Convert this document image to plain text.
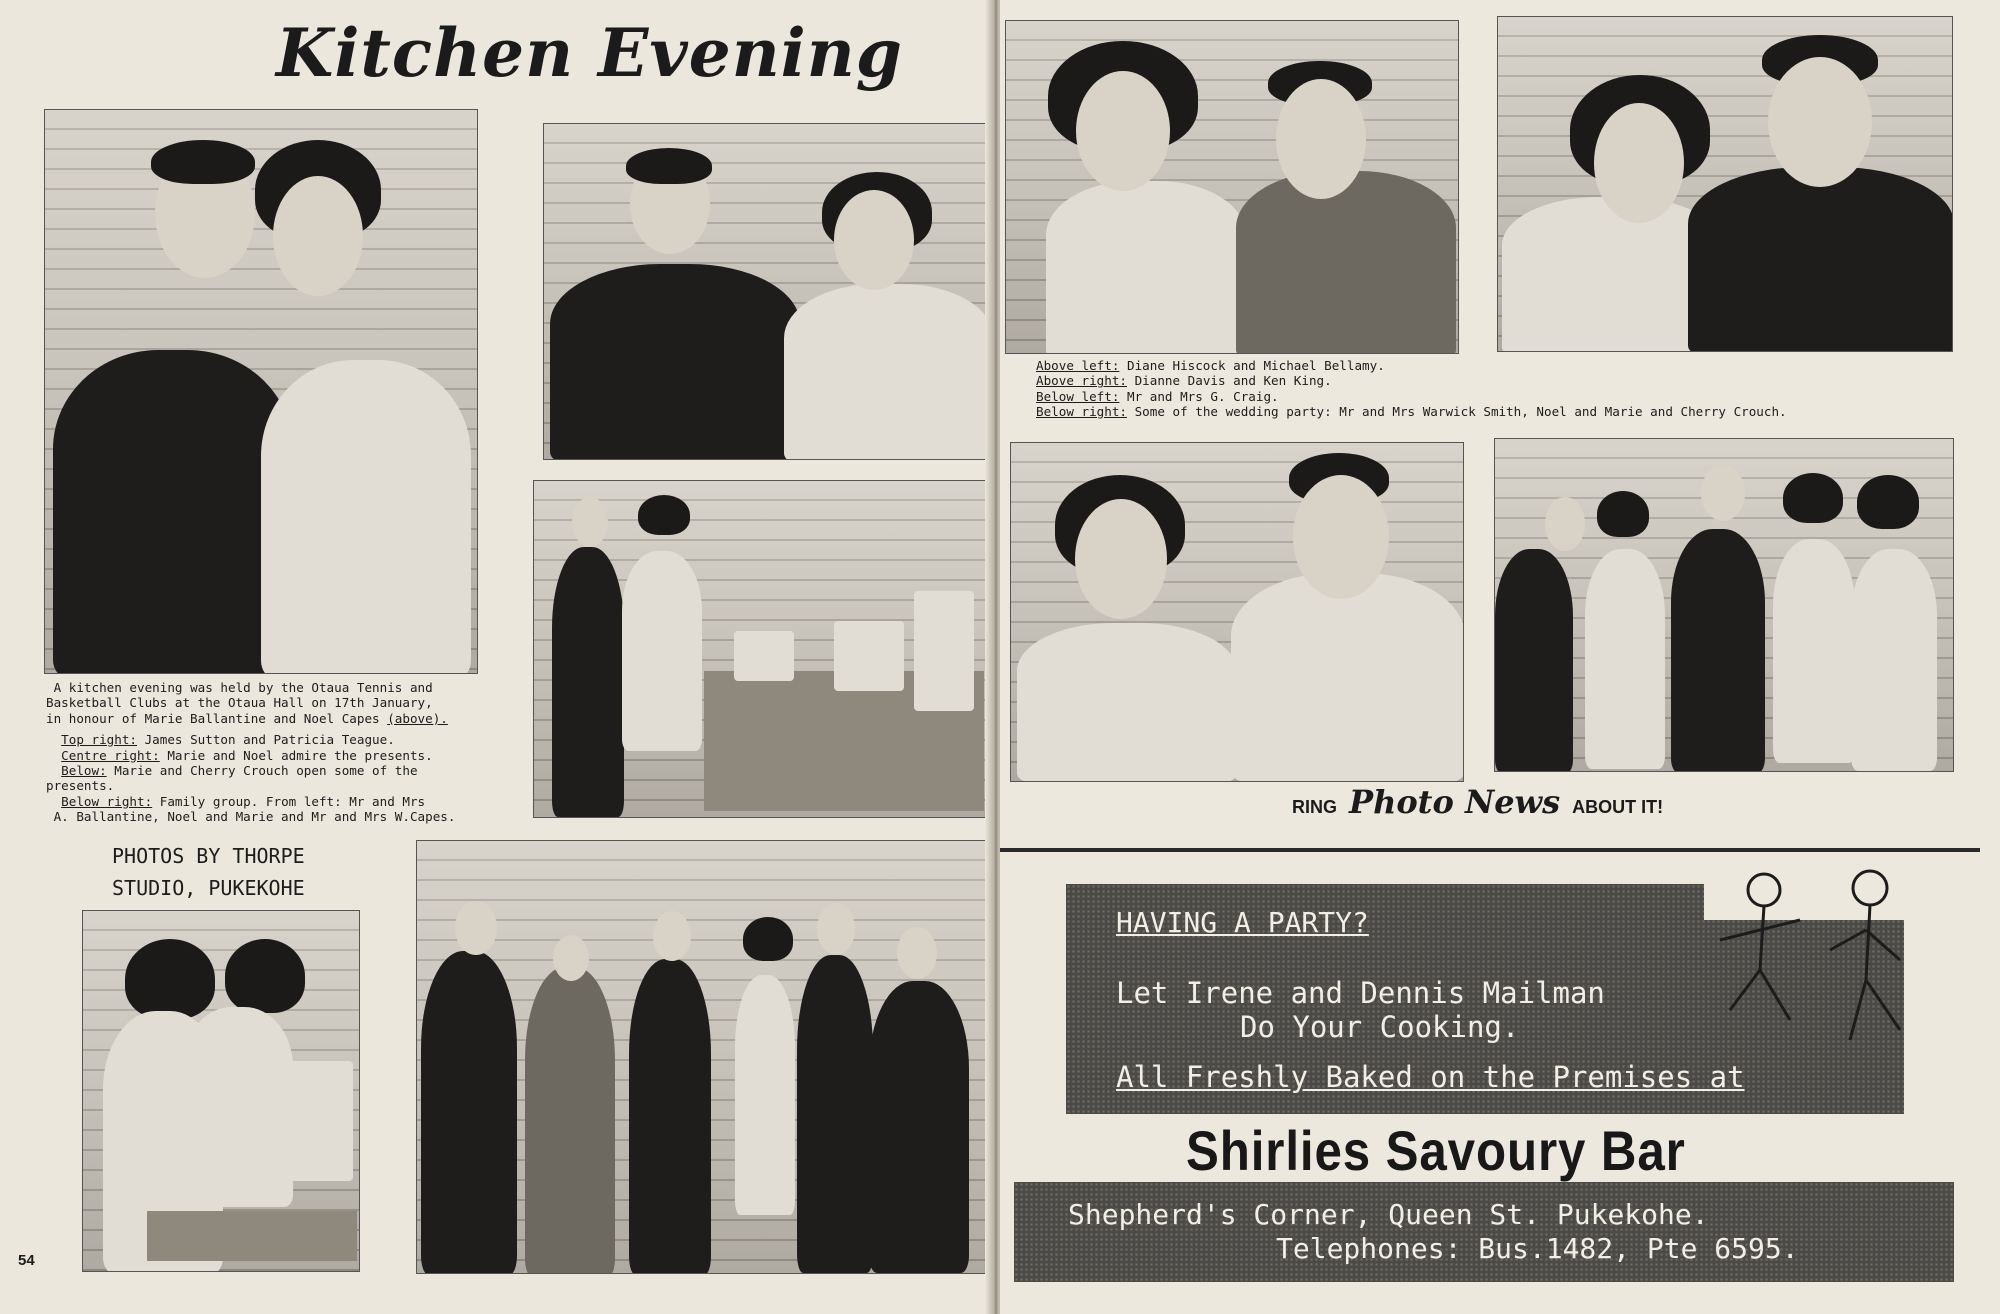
Kitchen Evening

A kitchen evening was held by the Otaua Tennis and

Basketball Clubs at the Otaua Hall on 17th January,

in honour of Marie Ballantine and Noel Capes (above).

Top right: James Sutton and Patricia Teague.

Centre right: Marie and Noel admire the presents.

Below: Marie and Cherry Crouch open some of the

presents.

Below right: Family group. From left: Mr and Mrs

A. Ballantine, Noel and Marie and Mr and Mrs W.Capes.

PHOTOS BY THORPE
STUDIO, PUKEKOHE
54

Above left: Diane Hiscock and Michael Bellamy.

Above right: Dianne Davis and Ken King.

Below left: Mr and Mrs G. Craig.

Below right: Some of the wedding party: Mr and Mrs Warwick Smith, Noel and Marie and Cherry Crouch.

RING Photo News ABOUT IT!
HAVING A PARTY?
Let Irene and Dennis Mailman
Do Your Cooking.
All Freshly Baked on the Premises at
Shirlies Savoury Bar
Shepherd's Corner, Queen St. Pukekohe.
Telephones: Bus.1482, Pte 6595.
